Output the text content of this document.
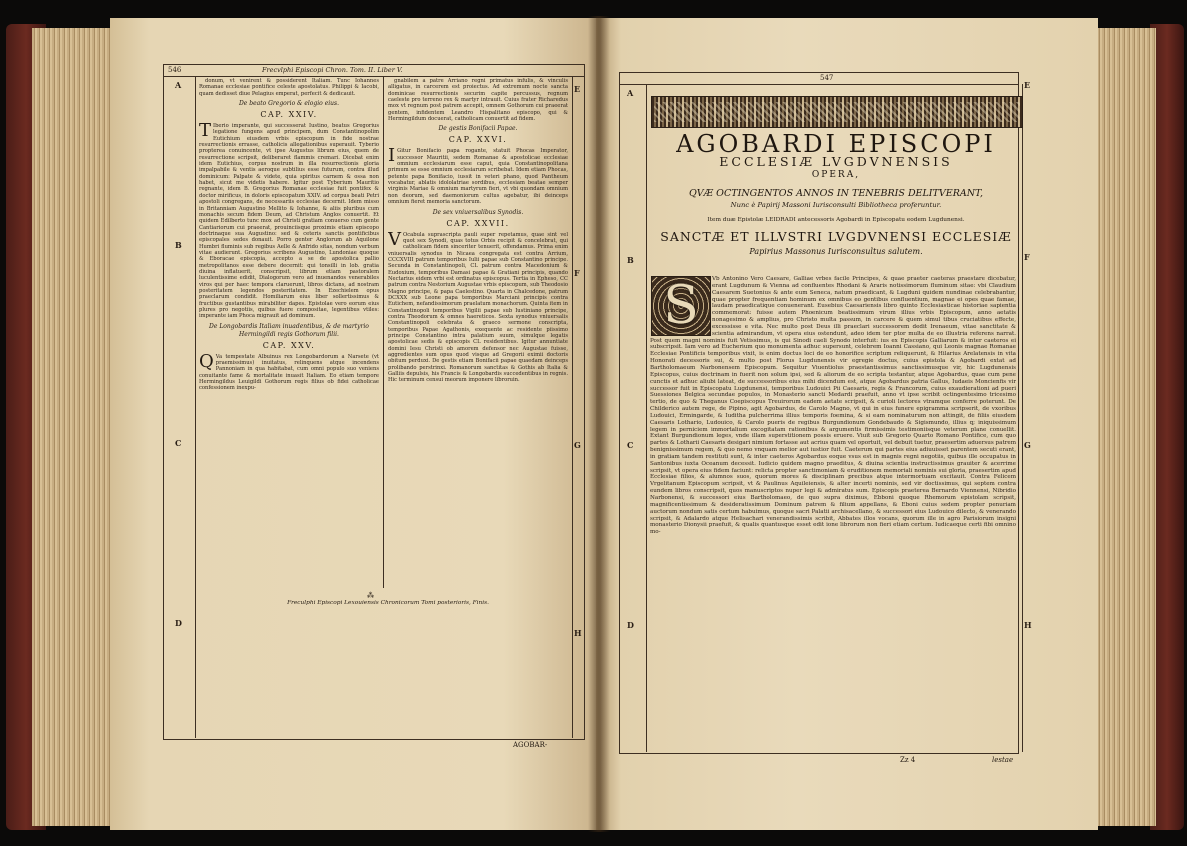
546	Frecvlphi Episcopi Chron. Tom. II. Liber V.
A
B
C
D
E
F
G
H

donum, vt venirent & possiderent Italiam. Tunc Iohannes Romanae ecclesiae pontifice celeste apostolatus. Philippi & Iacobi, quam dedisset diue Pelagius emperat, perfecit & dedicauit.

De beato Gregorio & elogio eius.
CAP. XXIV.

T Iberio imperante, qui successerat Iustino, beatus Gregorius legatione fungens apud principem, dum Constantinopolim Eutichium eiusdem vrbis episcopum in fide nostrae resurrectionis errasse, catholicis allegationibus superauit. Tyberio propterea conuincente, vt ipse Augustus librum eius, quem de resurrectione scripsit, deliberaret flammis cremari. Dicebat enim idem Eutichius, corpus nostrum in illa resurrectionis gloria impalpabile & ventis aeroque subtilius esse futurum, contra illud dominicum: Palpate & videte, quia spiritus carnem & ossa non habet, sicut me videtis habere. Igitur post Tyberium Mauritio regnante, idem B. Gregorius Romanae ecclesiae fuit pontifex & doctor mirificus, in doloris episcopatum XXIV. ad corpus beati Petri apostoli congregans, de necessariis ecclesiae decernit. Idem misso in Britanniam Augustino Mellito & Iohanne, & aliis pluribus cum monachis secum fidem Deum, ad Christum Anglos conuertit. Et quidem Edilberto tunc mox ad Christi gratiam conuerso cum gente Cantiariorum cui praeerat, prouinciisque proximis etiam episcopo doctrinaque sua Augustino: sed & ceteris sanctis pontificibus episcopales sedes donauit. Porro genter Anglorum ab Aquilone Humbri fluminis sub regibus Aelle & Anfrido sitas, nondum verbum vitae audierunt. Gregorius scribens Augustino, Lundoniae quoque & Eboracae episcopia, accepto a se de apostolica pallio metropolitanos esse debere decernit: qui tonsilli in lob. gratia diuina inflatuerit, conscripsit, librum etiam pastoralem luculentissime edidit, Dialogorum vero ad inuenandos venerabiles viros qui per haec tempora claruerunt, libros dictans, ad nostram posteritatem legendos posteritatem. In Ezechielem opus praeclarum condidit. Homiliarum eius liber sollertissimus & fructibus gustantibus mirabiliter dapes. Epistolae vero eorum eius plures pro negotiis, quibus fuere compositae, legentibus vtiles: imperante iam Phoca migrauit ad dominum.

De Longobardis Italiam inuadentibus, & de martyrio Hermingildi regis Gothorum filii.
CAP. XXV.

Q Va tempestate Albuinus rex Longobardorum a Narsete (vt praemissimus) inuitatus, relinquens atque incendens Pannoniam in qua habitabat, cum omni populo suo veniens conuitante fame & mortalitate inuasit Italiam. Eo etiam tempore Hermingildus Leuigildi Gothorum regis filius ob fidei catholicae confessionem inexpu-

gnabilem a patre Arriano regni primatus infulis, & vinculis alligatus, in carcerem est proiectus. Ad extremum nocte sancta dominicae resurrectionis securim capite percussus, regnum caeleste pro terreno rex & martyr intrauit. Cuius frater Richaredus mox vt regnum post patrem accepit, omnem Gothorum cui praeerat gentem, infidentem Leandro Hispalitano episcopo, qui & Hermingildum docuerat, catholicam conuertit ad fidem.

De gestis Bonifacii Papae.
CAP. XXVI.

I Gitur Bonifacio papa rogante, statuit Phocas Imperator, successor Mauritii, sedem Romanae & apostolicae ecclesiae omnium ecclesiarum esse caput, quia Constantinopolitana primum se esse omnium ecclesiarum scribebat. Idem etiam Phocas, petente papa Bonifacio, iussit in veteri phano, quod Pantheum vocabatur, ablatis idololatriae sordibus, ecclesiam beatae semper virginis Mariae & omnium martyrum fieri, vt vbi quondam omnium non deorum, sed daemoniorum cultus agebatur, ibi deinceps omnium fieret memoria sanctorum.

De sex vniuersalibus Synodis.
CAP. XXVII.

V Ocabula suprascripta pauli super repetamus, quae sint vel quot sex Synodi, quas totus Orbis recipit & concelebrat, qui catholicam fidem sinceriter tenuerit, offendamus. Prima enim vniuersalis synodus in Nicaea congregata est contra Arrium, CCCXVIII patrum temporibus Iulii papae sub Constantino principe. Secunda in Constantinopoli, CL patrum contra Macedonium & Eudoxium, temporibus Damasi papae & Gratiani principis, quando Nectarius eidem vrbi est ordinatus episcopus. Tertia in Epheso, CC patrum contra Nestorium Augustae vrbis episcopum, sub Theodosio Magno principe, & papa Caelestino. Quarta in Chalcedone, patrum DCXXX sub Leone papa temporibus Marciani principis contra Eutichem, nefandissimorum praelatum monachorum. Quinta item in Constantinopoli temporibus Vigilii papae sub Iustiniano principe, contra Theodorum & omnes haereticos. Sexta synodus vniuersalis Constantinopoli celebrata & graeco sermone conscripta, temporibus Papae Agathonis, exequente ac residente piissimo principe Constantino intra palatium suum, simulque legatis apostolicae sedis & episcopis CL residentibus. Igitur annuntiate domini Iesu Christi ob amorem defensor nec Augustae fuisse, aggredientes sum opus quod visque ad Gregorii eximii doctoris obitum perduxi. De gestis etiam Bonifacii papae quaedam deinceps prolibando perstrinxi. Romanorum sanctitas & Gothis ab Italia & Galliis depulsis, his Francis & Longobardis succedentibus in regnis. Hic terminum censui meorum imponere libroruin.

⁂
Freculphi Episcopi Lexouiensis Chronicorum Tomi posterioris, Finis.
AGOBAR-
547
A
B
C
D
E
F
G
H
AGOBARDI EPISCOPI
ECCLESIÆ LVGDVNENSIS
OPERA,
QVÆ OCTINGENTOS ANNOS IN TENEBRIS DELITVERANT,
Nunc è Papirij Massoni Iurisconsulti Bibliotheca proferuntur.
Item duæ Epistolæ LEIDRADI antecessoris Agobardi in Episcopatu eodem Lugdunensi.
SANCTÆ ET ILLVSTRI LVGDVNENSI ECCLESIÆ
Papirius Massonus Iurisconsultus salutem.
S	Vb Antonino Vero Caesare, Galliae vrbes facile Principes, & quae praeter caeteras praestare dicebatur, erant Lugdunum & Vienna ad confluentes Rhodani & Araris notissimorum fluminum sitae: vbi Claudium Caesarem Suetonius & ante eum Seneca, natum praedicant, & Lugduni quidem nundinae celebrabantur, quae propter frequentiam hominum ex omnibus eo gentibus confluentium, magnae ei opes quae famae, laudam praedicatique conuenerant. Eusebius Caesariensis libro quinto Ecclesiasticae historiae sapientia commemorat: fuisse autem Phoenicum beatissimum virum illius vrbis Episcopum, anno aetatis nonagesimo & amplius, pro Christo multa passum, in carcere & quem simul tibus cruciatibus effecte, excessisse e vita. Nec multo post Deus illi praeclari successorem dedit Irenaeum, vitae sanctitate & scientia admirandum, vt opera eius ostendunt, adeo idem ter ptor multa de eo illustria referens narrat. Post quem magni nominis fuit Vetissimus, is qui Sinodi caeli Synodo interfuit: ius ex Episcopis Galliarum & inter caeteros ei subscripsit. Iam vero ad Eucherium quo monumenta adhuc supersunt, celebrem Ioanni Cassiano, qui Leonis magnae Romanae Ecclesiae Pontificis temporibus vixit, is enim doctus loci de eo honorifice scriptum reliquerunt, & Hilarius Arelatensis in vita Honorati decessoris sui, & multo post Florus Lugdunensis vir egregie doctus, cuius epistola & Agobardi extat ad Bartholomaeum Narbonensem Episcopum. Sequitur Viuentiolus praestantissimus sanctissimusque vir, hic Lugdunensis Episcopus, cuius doctrinam in fuerit non solum ipsi, sed & aliorum de eo scripta testantur, atque Agobardus, quae cum pene cunctis et adhuc aliubi lateat, de successoribus eius mihi dicendum est, atque Agobardus patria Gallus, Iudaeis Moncienfis vir successor fuit in Episcopatu Lugdunensi, temporibus Ludouici Pii Caesaris, regis & Francorum, cuius exaudierationi ad pueri Suessiones Belgica secundae populos, in Monasterio sancti Medardi praefuit, anno vt ipse scribit octingentesimo tricesimo tertio, de quo & Theganus Coepiscopus Treuirorum eadem aetate scripsit, & curioli lectores vtramque conferre poterunt. De Childerico autem rege, de Pipino, agit Agobardus, de Carolo Magno, vt qui in eius funere epigramma scripserit, de vxoribus Ludouici, Ermingarde, & Iuditha pulcherrima illius temporis foemina, & si eam nominaturum non attingit, de filiis eiusdem Caesaris Lothario, Ludouico, & Carolo pueris de regibus Burgundionum Gondebaudo & Sigismundo, illius q; iniquissimum legem in perniciem immortalium excogitatam rationibus & argumentis firmissimis testimoniisque veterum plane conuellit. Extant Burgundionum leges, vnde illam superstitionem possis eruere. Viuit sub Gregorio Quarto Romano Pontifice, cum quo partes & Lotharii Caesaris desigari nimium fortasse aut acrius quam vel oportuit, vel debuit tuetur, praesertim aduersus patrem benignissimum regem, & quo nemo vnquam melior aut iustior fuit. Caeterum qui partes eius adiuuisset parentem secuti erant, in gratiam tandem restituti sunt, & inter caeteros Agobardus eoque vsus est in magnis regni negotiis, quibus ille occupatus in Santonibus iuxta Oceanum decessit. Iudicio quidem magno praeditus, & diuina scientia instructissimus grauiter & acerrime scripsit, vt opera eius fidem faciunt: relicta propter sanctimoniam & eruditionem memoriali nominis sui gloria, praesertim apud Ecclesiae filios, & alumnos suos, quorum mores & disciplinam precibus atque intermortuam excitauit. Contra Felicem Vrgelitanum Episcopum scripsit, vt & Paulinus Aquileiensis, & alter incerti nominis, sed vir doctissimus, qui septem contra eundem libros conscripsit, quos manuscriptos nuper legi & admiratus sum. Episcopis praeterea Bernardo Viennensi, Nibridio Narbonensi, & successori eius Bartholomaeo, de quo supra diximus, Ebboni quoque Rhemorum epistolam scripsit, magnificentissimum & desideratissimum Dominum patrem & filium appellans, & Eboni cuius sedem propter penuriam auctorum nondum satis certum habuimus, quoque sacri Palatii archisacellano, & successori eius Ludouico dilecto, & venerando scripsit, & Adalardo atque Helisachari venerandissimis scribit, Abbates illos vocans, quorum ille in agro Parisiorum insigni monasterio Dionysii praefuit, & qualis quantusque esset edit ione librorum non fieri etiam certum. Iudicaeque certi fibi omnino mo-
Zz 4	lestae
